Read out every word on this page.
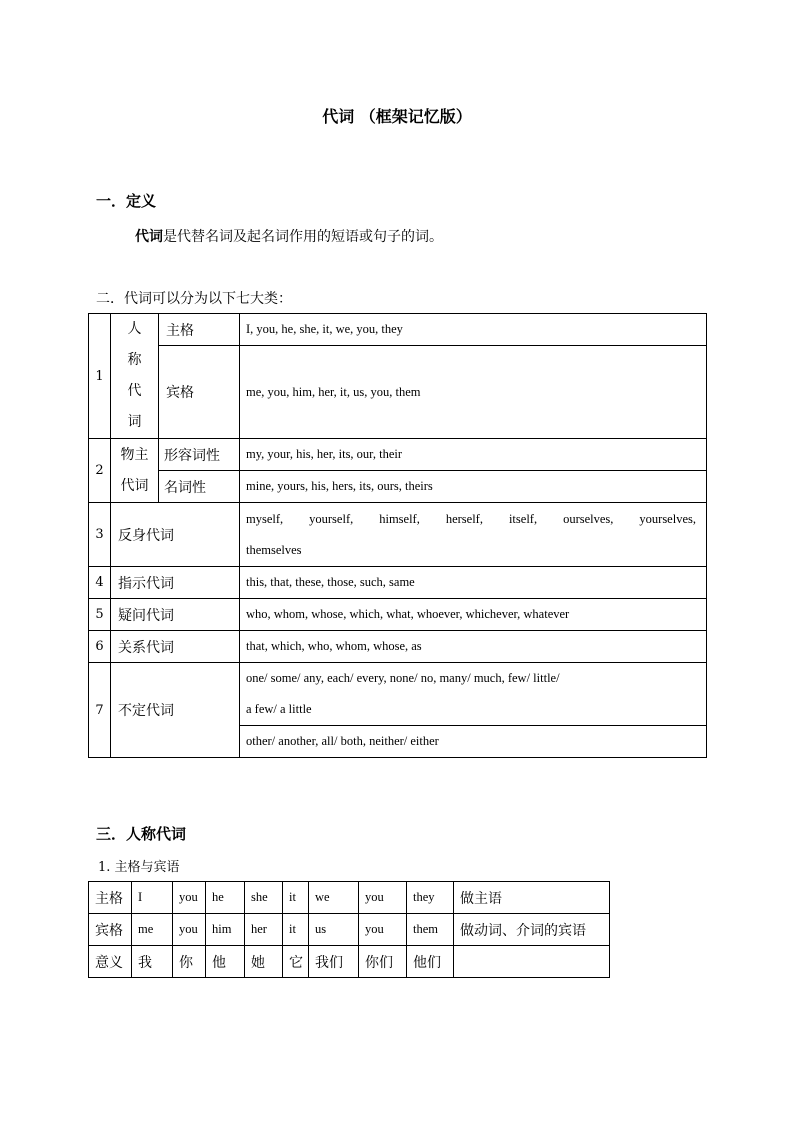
代词 （框架记忆版）
一．定义
代词是代替名词及起名词作用的短语或句子的词。
二．代词可以分为以下七大类：
1	人
称
代
词	主格	I, you, he, she, it, we, you, they
		宾格	me, you, him, her, it, us, you, them
2	物主
代词	形容词性	my, your, his, her, its, our, their
		名词性	mine, yours, his, hers, its, ours, theirs
3	反身代词		myself, yourself, himself, herself, itself, ourselves, yourselves,
themselves

4	指示代词		this, that, these, those, such, same
5	疑问代词		who, whom, whose, which, what, whoever, whichever, whatever
6	关系代词		that, which, who, whom, whose, as
7	不定代词		one/ some/ any, each/ every, none/ no, many/ much, few/ little/
a few/ a little

			other/ another, all/ both, neither/ either
三．人称代词
1. 主格与宾语
主格	I	you	he	she	it	we	you	they	做主语
宾格	me	you	him	her	it	us	you	them	做动词、介词的宾语
意义	我	你	他	她	它	我们	你们	他们	
